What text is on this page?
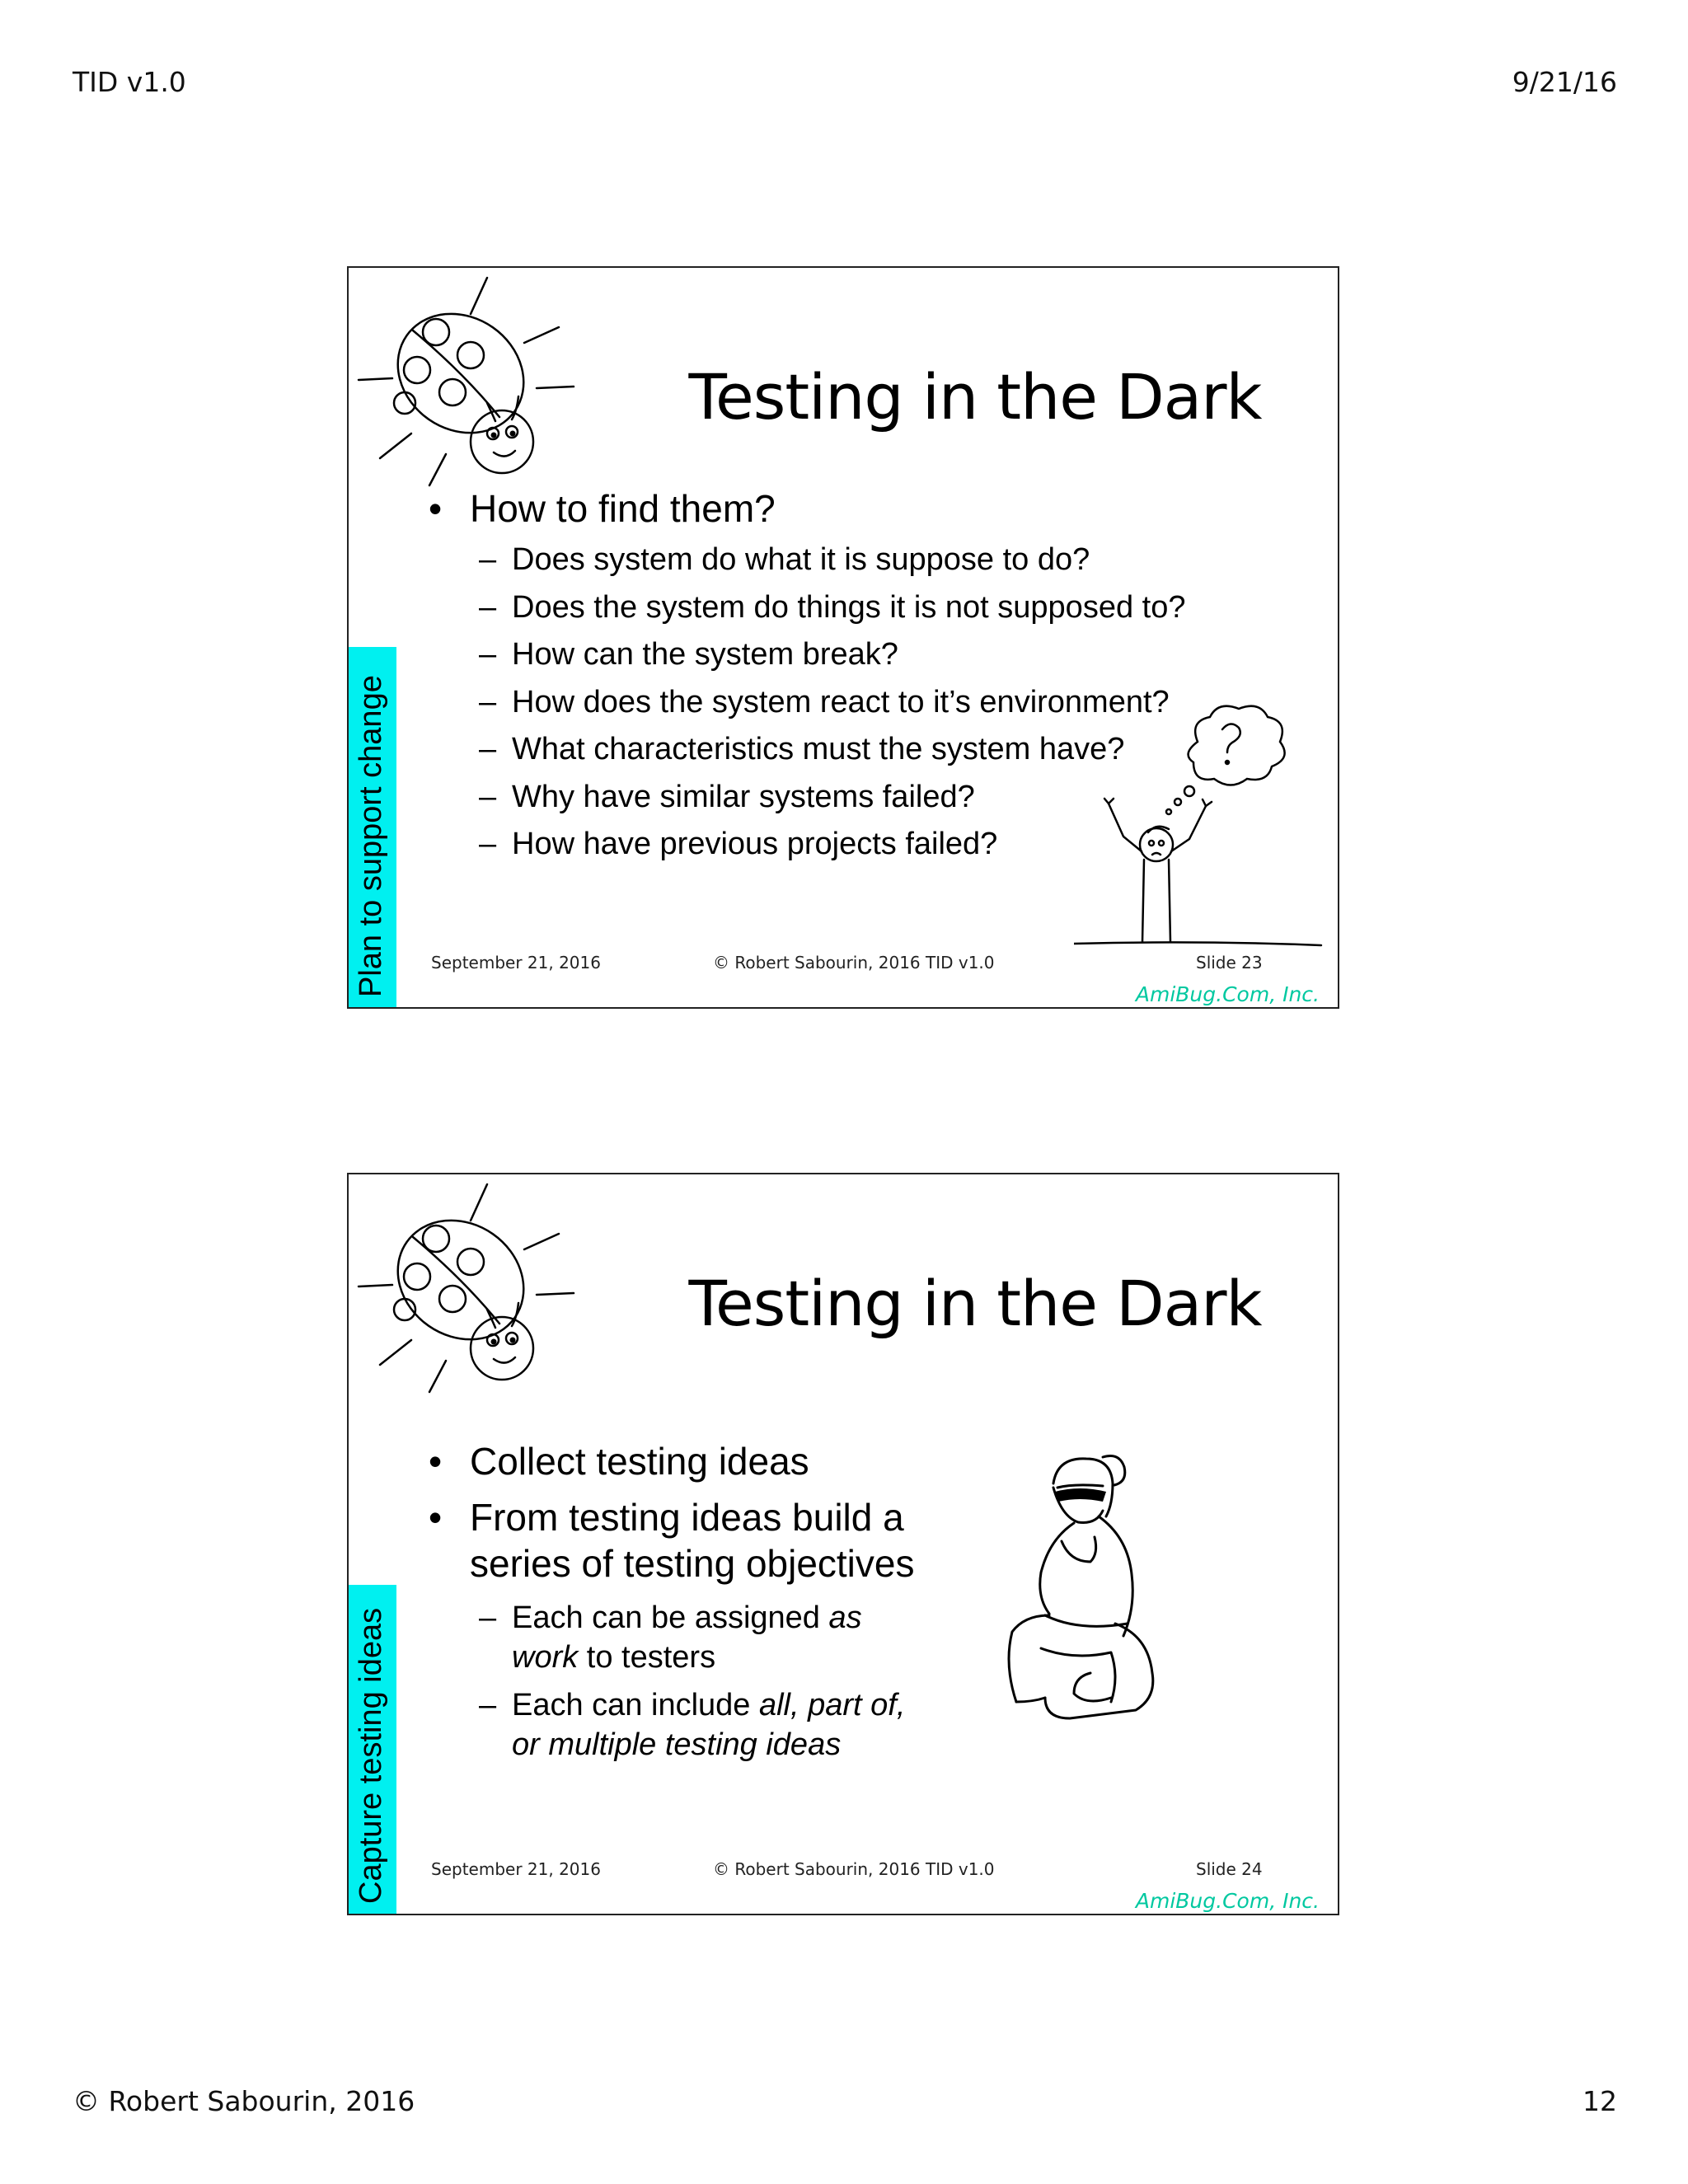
TID v1.0	9/21/16
Testing in the Dark
• How to find them?
– Does system do what it is suppose to do?
– Does the system do things it is not supposed to?
– How can the system break?
– How does the system react to it’s environment?
– What characteristics must the system have?
– Why have similar systems failed?
– How have previous projects failed?
Plan to support change	September 21, 2016	© Robert Sabourin, 2016 TID v1.0	Slide 23
AmiBug.Com, Inc.
Testing in the Dark
• Collect testing ideas
• From testing ideas build a
series of testing objectives
– Each can be assigned as
work to testers
– Each can include all, part of,
or multiple testing ideas
Capture testing ideas	September 21, 2016	© Robert Sabourin, 2016 TID v1.0	Slide 24
AmiBug.Com, Inc.
© Robert Sabourin, 2016	12
